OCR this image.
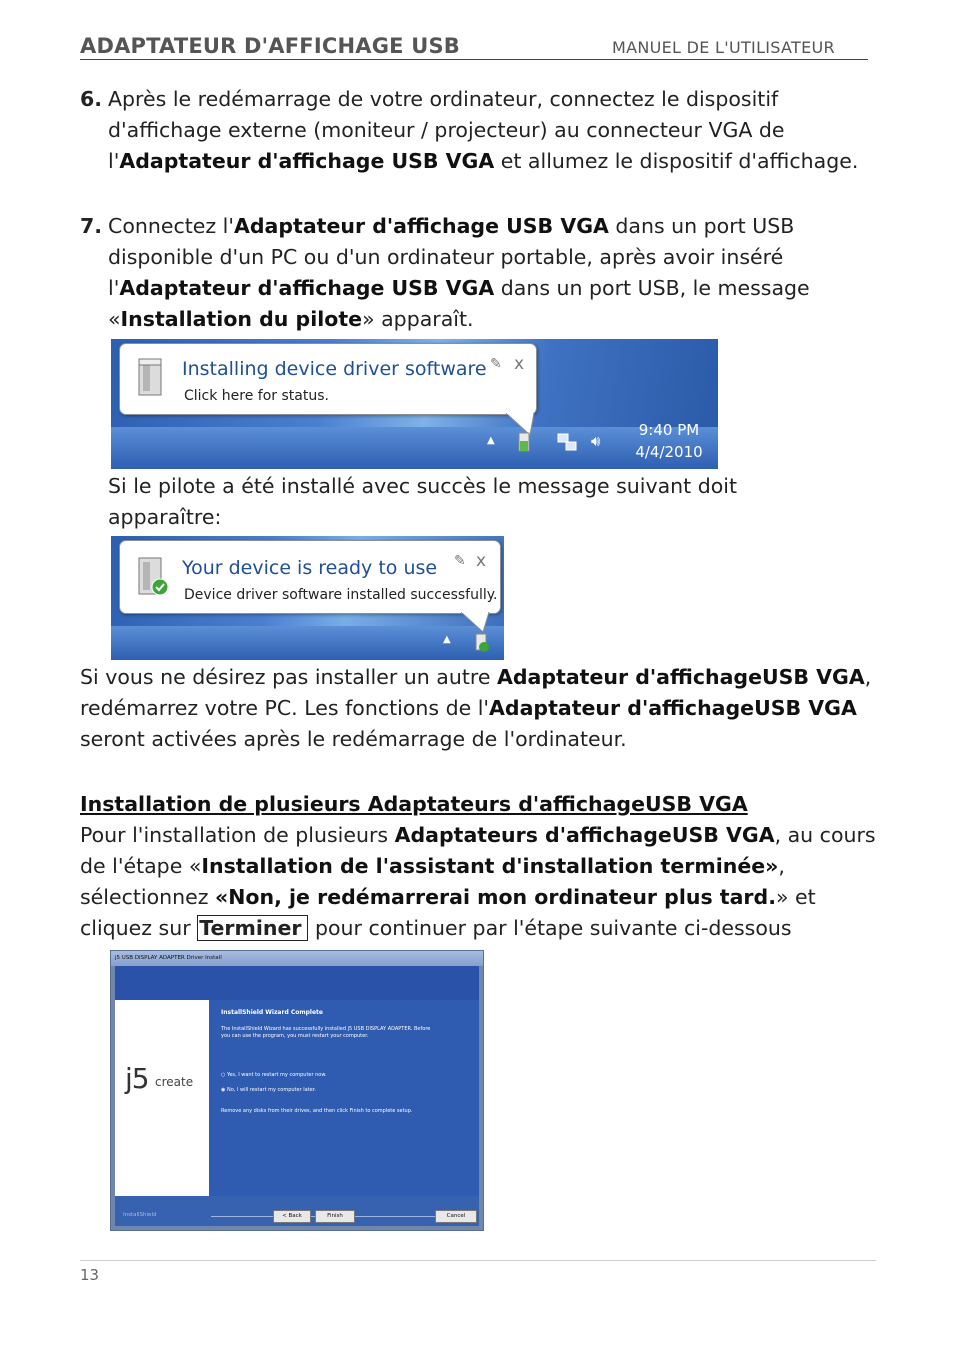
ADAPTATEUR D'AFFICHAGE USB	MANUEL DE L'UTILISATEUR
6. Après le redémarrage de votre ordinateur, connectez le dispositif d'affichage externe (moniteur / projecteur) au connecteur VGA de l'Adaptateur d'affichage USB VGA et allumez le dispositif d'affichage.
7. Connectez l'Adaptateur d'affichage USB VGA dans un port USB disponible d'un PC ou d'un ordinateur portable, après avoir inséré l'Adaptateur d'affichage USB VGA dans un port USB, le message «Installation du pilote» apparaît.
Installing device driver software
Click here for status.
✎ x
▲	🔊︎
9:40 PM
4/4/2010
Si le pilote a été installé avec succès le message suivant doit apparaître:
Your device is ready to use
Device driver software installed successfully.
✎ x
▲
Si vous ne désirez pas installer un autre Adaptateur d'affichageUSB VGA, redémarrez votre PC. Les fonctions de l'Adaptateur d'affichageUSB VGA seront activées après le redémarrage de l'ordinateur.
Installation de plusieurs Adaptateurs d'affichageUSB VGA
Pour l'installation de plusieurs Adaptateurs d'affichageUSB VGA, au cours de l'étape «Installation de l'assistant d'installation terminée», sélectionnez «Non, je redémarrerai mon ordinateur plus tard.» et cliquez sur Terminer pour continuer par l'étape suivante ci-dessous
j5 USB DISPLAY ADAPTER Driver Install
j5 create
InstallShield Wizard Complete
The InstallShield Wizard has successfully installed j5 USB DISPLAY ADAPTER. Before you can use the program, you must restart your computer.
○ Yes, I want to restart my computer now.
◉ No, I will restart my computer later.
Remove any disks from their drives, and then click Finish to complete setup.
InstallShield	< Back	Finish	Cancel
13
